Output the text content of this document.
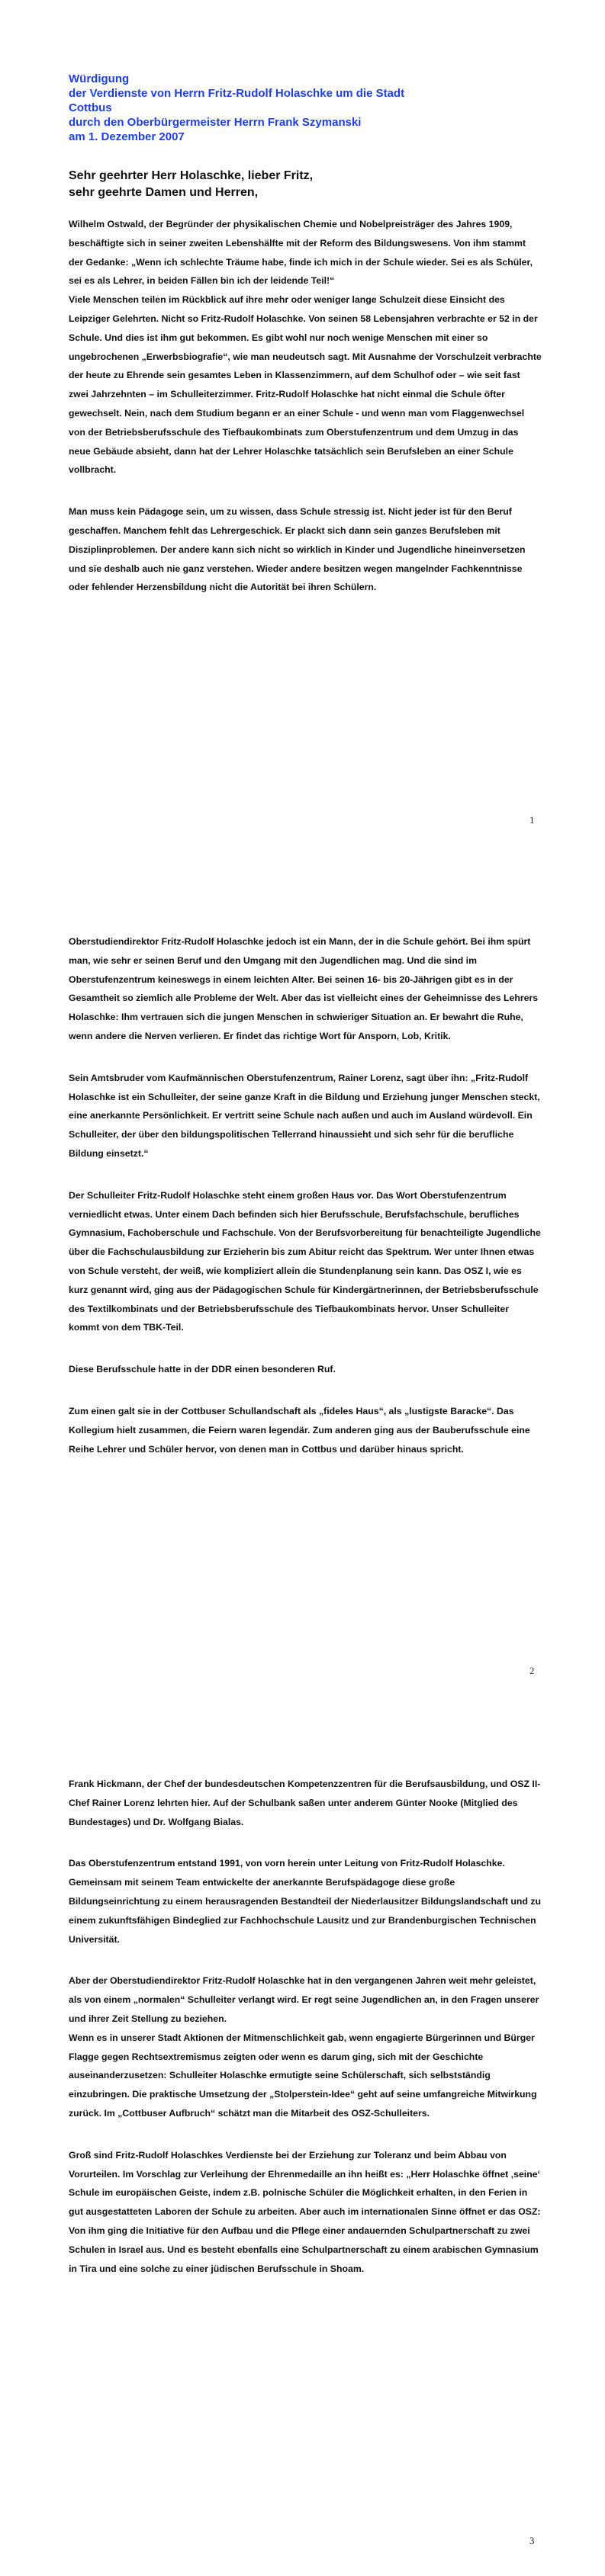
Würdigung
der Verdienste von Herrn Fritz-Rudolf Holaschke um die Stadt
Cottbus
durch den Oberbürgermeister Herrn Frank Szymanski
am 1. Dezember 2007
Sehr geehrter Herr Holaschke, lieber Fritz,
sehr geehrte Damen und Herren,

Wilhelm Ostwald, der Begründer der physikalischen Chemie und Nobelpreisträger des Jahres 1909, beschäftigte sich in seiner zweiten Lebenshälfte mit der Reform des Bildungswesens. Von ihm stammt der Gedanke: „Wenn ich schlechte Träume habe, finde ich mich in der Schule wieder. Sei es als Schüler, sei es als Lehrer, in beiden Fällen bin ich der leidende Teil!“

Viele Menschen teilen im Rückblick auf ihre mehr oder weniger lange Schulzeit diese Einsicht des Leipziger Gelehrten. Nicht so Fritz-Rudolf Holaschke. Von seinen 58 Lebensjahren verbrachte er 52 in der Schule. Und dies ist ihm gut bekommen. Es gibt wohl nur noch wenige Menschen mit einer so ungebrochenen „Erwerbsbiografie“, wie man neudeutsch sagt. Mit Ausnahme der Vorschulzeit verbrachte der heute zu Ehrende sein gesamtes Leben in Klassenzimmern, auf dem Schulhof oder – wie seit fast zwei Jahrzehnten – im Schulleiterzimmer. Fritz-Rudolf Holaschke hat nicht einmal die Schule öfter gewechselt. Nein, nach dem Studium begann er an einer Schule - und wenn man vom Flaggenwechsel von der Betriebsberufsschule des Tiefbaukombinats zum Oberstufenzentrum und dem Umzug in das neue Gebäude absieht, dann hat der Lehrer Holaschke tatsächlich sein Berufsleben an einer Schule vollbracht.

Man muss kein Pädagoge sein, um zu wissen, dass Schule stressig ist. Nicht jeder ist für den Beruf geschaffen. Manchem fehlt das Lehrergeschick. Er plackt sich dann sein ganzes Berufsleben mit Disziplinproblemen. Der andere kann sich nicht so wirklich in Kinder und Jugendliche hineinversetzen und sie deshalb auch nie ganz verstehen. Wieder andere besitzen wegen mangelnder Fachkenntnisse oder fehlender Herzensbildung nicht die Autorität bei ihren Schülern.

1

Oberstudiendirektor Fritz-Rudolf Holaschke jedoch ist ein Mann, der in die Schule gehört. Bei ihm spürt man, wie sehr er seinen Beruf und den Umgang mit den Jugendlichen mag. Und die sind im Oberstufenzentrum keineswegs in einem leichten Alter. Bei seinen 16- bis 20-Jährigen gibt es in der Gesamtheit so ziemlich alle Probleme der Welt. Aber das ist vielleicht eines der Geheimnisse des Lehrers Holaschke: Ihm vertrauen sich die jungen Menschen in schwieriger Situation an. Er bewahrt die Ruhe, wenn andere die Nerven verlieren. Er findet das richtige Wort für Ansporn, Lob, Kritik.

Sein Amtsbruder vom Kaufmännischen Oberstufenzentrum, Rainer Lorenz, sagt über ihn: „Fritz-Rudolf Holaschke ist ein Schulleiter, der seine ganze Kraft in die Bildung und Erziehung junger Menschen steckt, eine anerkannte Persönlichkeit. Er vertritt seine Schule nach außen und auch im Ausland würdevoll. Ein Schulleiter, der über den bildungspolitischen Tellerrand hinaussieht und sich sehr für die berufliche Bildung einsetzt.“

Der Schulleiter Fritz-Rudolf Holaschke steht einem großen Haus vor. Das Wort Oberstufenzentrum verniedlicht etwas. Unter einem Dach befinden sich hier Berufsschule, Berufsfachschule, berufliches Gymnasium, Fachoberschule und Fachschule. Von der Berufsvorbereitung für benachteiligte Jugendliche über die Fachschulausbildung zur Erzieherin bis zum Abitur reicht das Spektrum. Wer unter Ihnen etwas von Schule versteht, der weiß, wie kompliziert allein die Stundenplanung sein kann. Das OSZ I, wie es kurz genannt wird, ging aus der Pädagogischen Schule für Kindergärtnerinnen, der Betriebsberufsschule des Textilkombinats und der Betriebsberufsschule des Tiefbaukombinats hervor. Unser Schulleiter kommt von dem TBK-Teil.

Diese Berufsschule hatte in der DDR einen besonderen Ruf.

Zum einen galt sie in der Cottbuser Schullandschaft als „fideles Haus“, als „lustigste Baracke“. Das Kollegium hielt zusammen, die Feiern waren legendär. Zum anderen ging aus der Bauberufsschule eine Reihe Lehrer und Schüler hervor, von denen man in Cottbus und darüber hinaus spricht.

2

Frank Hickmann, der Chef der bundesdeutschen Kompetenzzentren für die Berufsausbildung, und OSZ II-Chef Rainer Lorenz lehrten hier. Auf der Schulbank saßen unter anderem Günter Nooke (Mitglied des Bundestages) und Dr. Wolfgang Bialas.

Das Oberstufenzentrum entstand 1991, von vorn herein unter Leitung von Fritz-Rudolf Holaschke. Gemeinsam mit seinem Team entwickelte der anerkannte Berufspädagoge diese große Bildungseinrichtung zu einem herausragenden Bestandteil der Niederlausitzer Bildungslandschaft und zu einem zukunftsfähigen Bindeglied zur Fachhochschule Lausitz und zur Brandenburgischen Technischen Universität.

Aber der Oberstudiendirektor Fritz-Rudolf Holaschke hat in den vergangenen Jahren weit mehr geleistet, als von einem „normalen“ Schulleiter verlangt wird. Er regt seine Jugendlichen an, in den Fragen unserer und ihrer Zeit Stellung zu beziehen.

Wenn es in unserer Stadt Aktionen der Mitmenschlichkeit gab, wenn engagierte Bürgerinnen und Bürger Flagge gegen Rechtsextremismus zeigten oder wenn es darum ging, sich mit der Geschichte auseinanderzusetzen: Schulleiter Holaschke ermutigte seine Schülerschaft, sich selbstständig einzubringen. Die praktische Umsetzung der „Stolperstein-Idee“ geht auf seine umfangreiche Mitwirkung zurück. Im „Cottbuser Aufbruch“ schätzt man die Mitarbeit des OSZ-Schulleiters.

Groß sind Fritz-Rudolf Holaschkes Verdienste bei der Erziehung zur Toleranz und beim Abbau von Vorurteilen. Im Vorschlag zur Verleihung der Ehrenmedaille an ihn heißt es: „Herr Holaschke öffnet ‚seine‘ Schule im europäischen Geiste, indem z.B. polnische Schüler die Möglichkeit erhalten, in den Ferien in gut ausgestatteten Laboren der Schule zu arbeiten. Aber auch im internationalen Sinne öffnet er das OSZ: Von ihm ging die Initiative für den Aufbau und die Pflege einer andauernden Schulpartnerschaft zu zwei Schulen in Israel aus. Und es besteht ebenfalls eine Schulpartnerschaft zu einem arabischen Gymnasium in Tira und eine solche zu einer jüdischen Berufsschule in Shoam.

3
